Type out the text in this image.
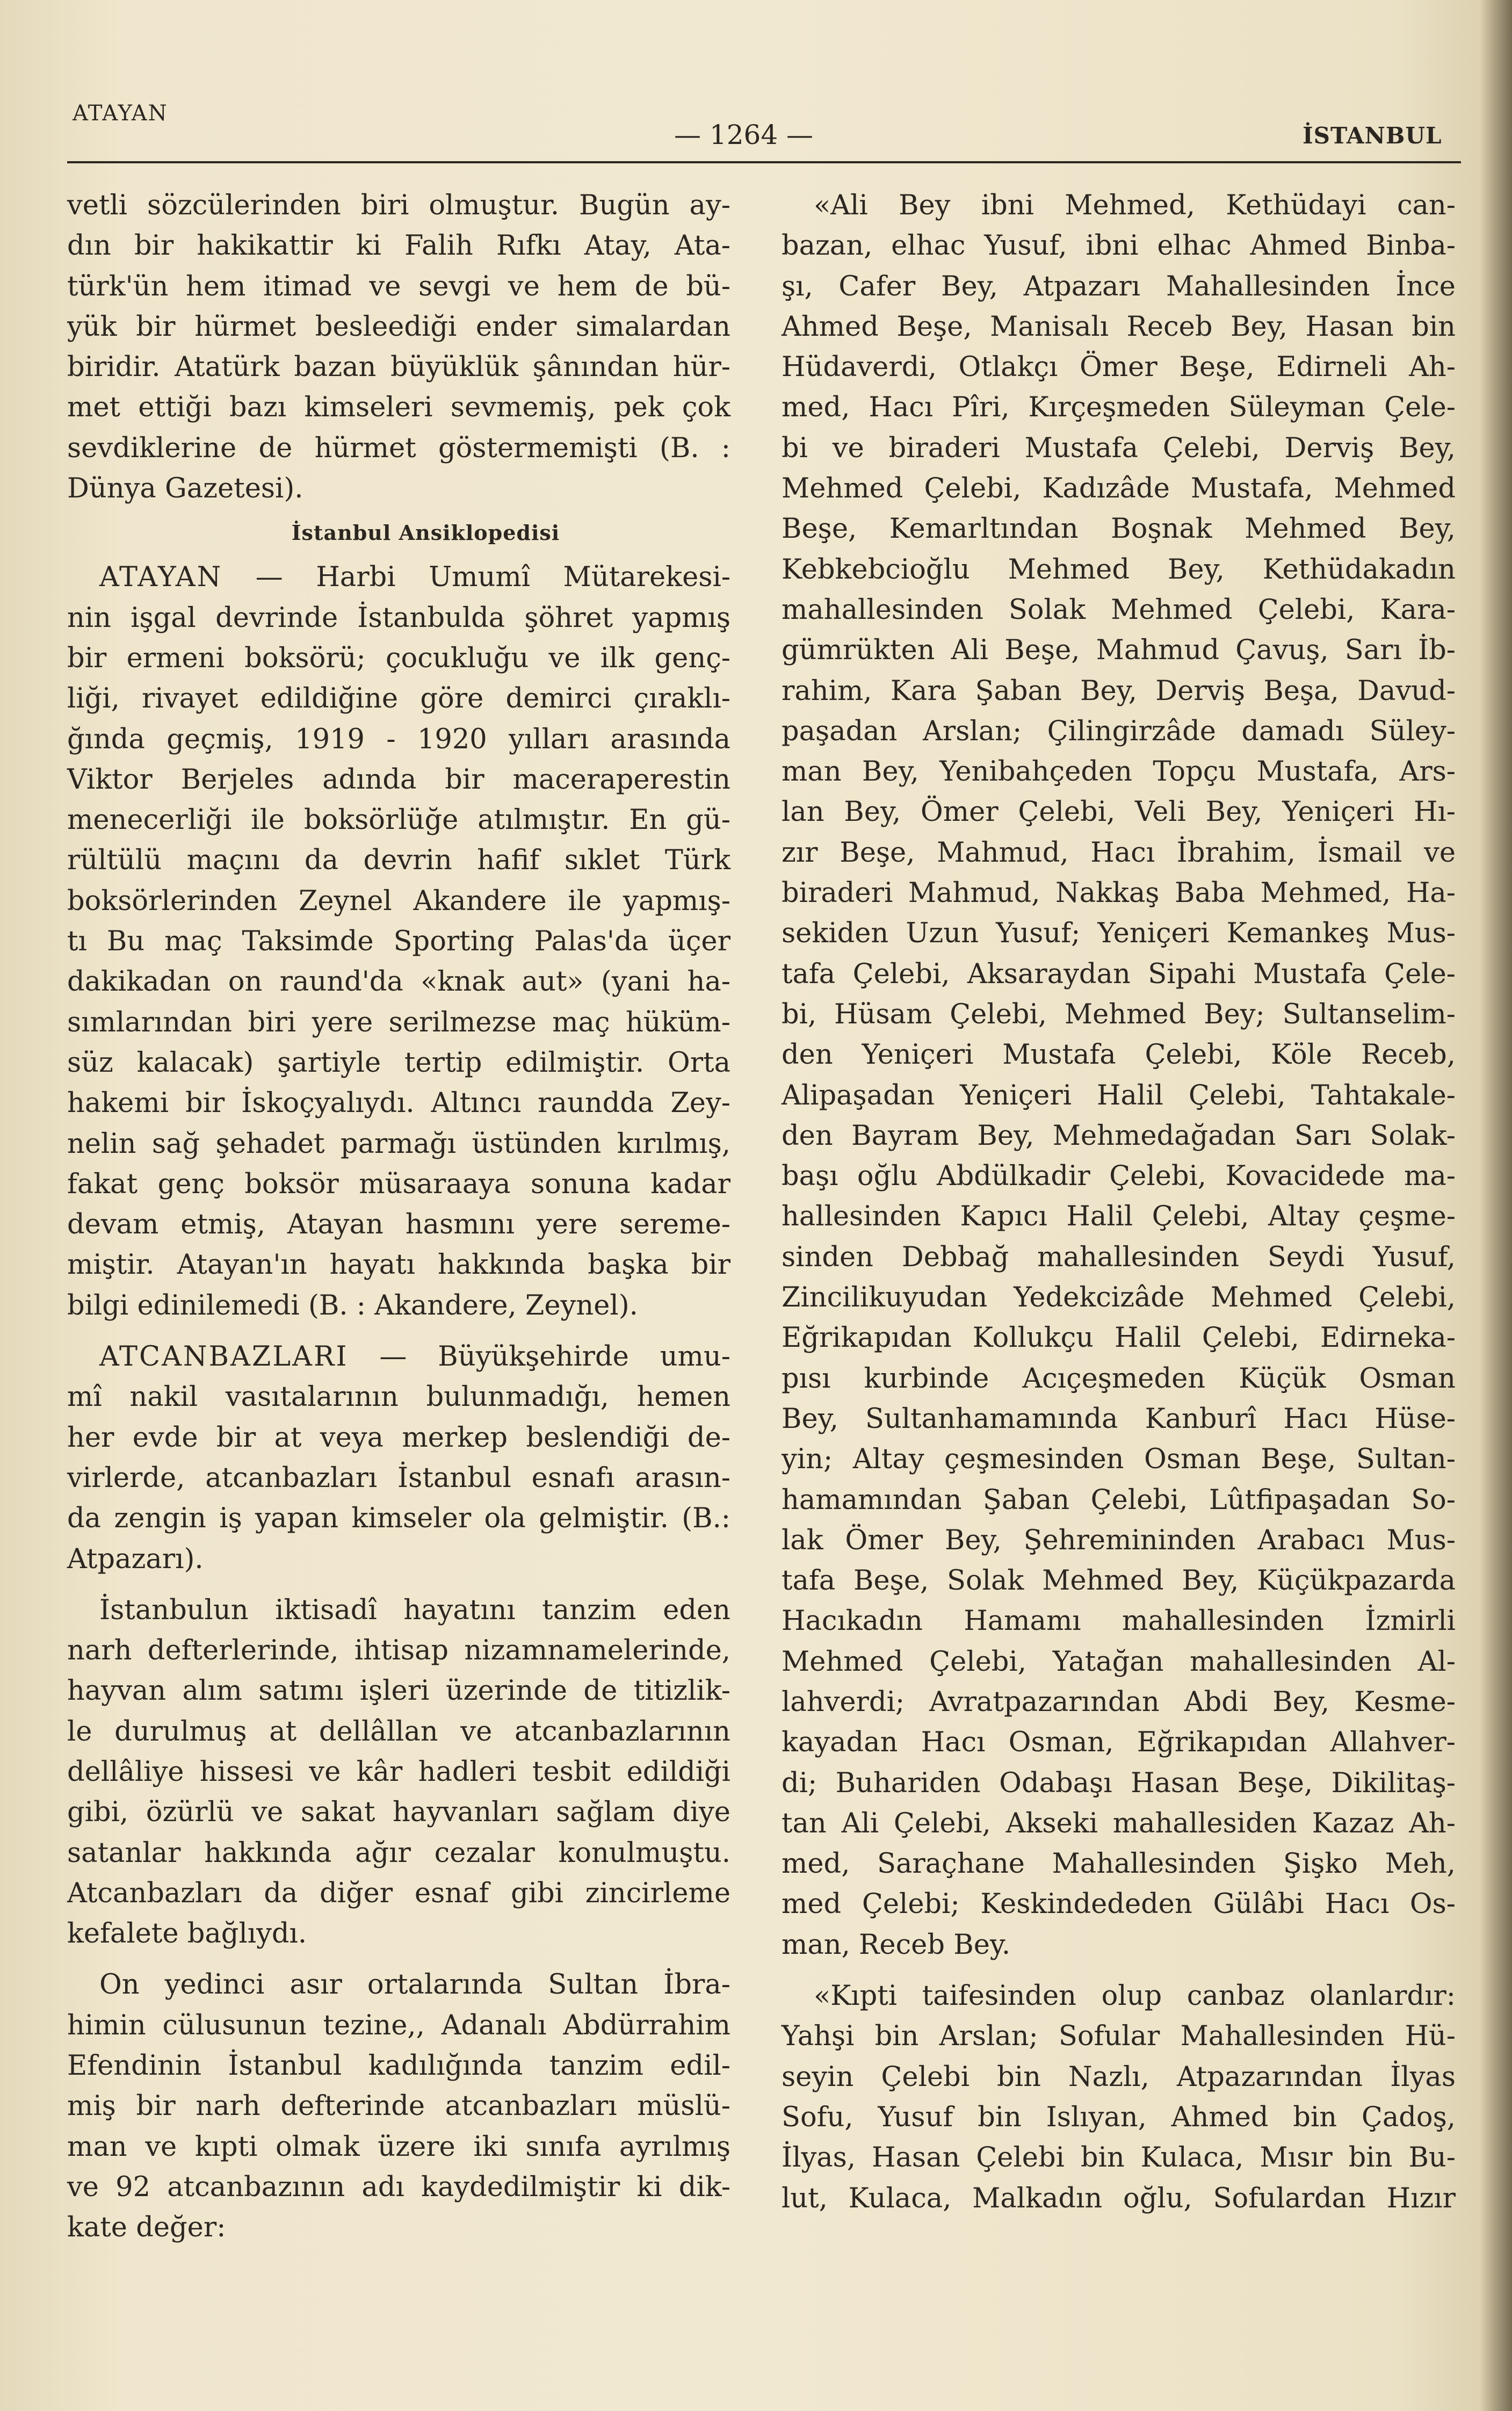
ATAYAN
— 1264 —	İSTANBUL
vetli sözcülerinden biri olmuştur. Bugün ay-
dın bir hakikattir ki Falih Rıfkı Atay, Ata-
türk'ün hem itimad ve sevgi ve hem de bü-
yük bir hürmet besleediği ender simalardan
biridir. Atatürk bazan büyüklük şânından hür-
met ettiği bazı kimseleri sevmemiş, pek çok
sevdiklerine de hürmet göstermemişti (B. :
Dünya Gazetesi).
İstanbul Ansiklopedisi
ATAYAN — Harbi Umumî Mütarekesi-
nin işgal devrinde İstanbulda şöhret yapmış
bir ermeni boksörü; çocukluğu ve ilk genç-
liği, rivayet edildiğine göre demirci çıraklı-
ğında geçmiş, 1919 - 1920 yılları arasında
Viktor Berjeles adında bir maceraperestin
menecerliği ile boksörlüğe atılmıştır. En gü-
rültülü maçını da devrin hafif sıklet Türk
boksörlerinden Zeynel Akandere ile yapmış-
tı Bu maç Taksimde Sporting Palas'da üçer
dakikadan on raund'da «knak aut» (yani ha-
sımlarından biri yere serilmezse maç hüküm-
süz kalacak) şartiyle tertip edilmiştir. Orta
hakemi bir İskoçyalıydı. Altıncı raundda Zey-
nelin sağ şehadet parmağı üstünden kırılmış,
fakat genç boksör müsaraaya sonuna kadar
devam etmiş, Atayan hasmını yere sereme-
miştir. Atayan'ın hayatı hakkında başka bir
bilgi edinilemedi (B. : Akandere, Zeynel).
ATCANBAZLARI — Büyükşehirde umu-
mî nakil vasıtalarının bulunmadığı, hemen
her evde bir at veya merkep beslendiği de-
virlerde, atcanbazları İstanbul esnafı arasın-
da zengin iş yapan kimseler ola gelmiştir. (B.:
Atpazarı).
İstanbulun iktisadî hayatını tanzim eden
narh defterlerinde, ihtisap nizamnamelerinde,
hayvan alım satımı işleri üzerinde de titizlik-
le durulmuş at dellâllan ve atcanbazlarının
dellâliye hissesi ve kâr hadleri tesbit edildiği
gibi, özürlü ve sakat hayvanları sağlam diye
satanlar hakkında ağır cezalar konulmuştu.
Atcanbazları da diğer esnaf gibi zincirleme
kefalete bağlıydı.
On yedinci asır ortalarında Sultan İbra-
himin cülusunun tezine,, Adanalı Abdürrahim
Efendinin İstanbul kadılığında tanzim edil-
miş bir narh defterinde atcanbazları müslü-
man ve kıpti olmak üzere iki sınıfa ayrılmış
ve 92 atcanbazının adı kaydedilmiştir ki dik-
kate değer:
«Ali Bey ibni Mehmed, Kethüdayi can-
bazan, elhac Yusuf, ibni elhac Ahmed Binba-
şı, Cafer Bey, Atpazarı Mahallesinden İnce
Ahmed Beşe, Manisalı Receb Bey, Hasan bin
Hüdaverdi, Otlakçı Ömer Beşe, Edirneli Ah-
med, Hacı Pîri, Kırçeşmeden Süleyman Çele-
bi ve biraderi Mustafa Çelebi, Derviş Bey,
Mehmed Çelebi, Kadızâde Mustafa, Mehmed
Beşe, Kemarltından Boşnak Mehmed Bey,
Kebkebcioğlu Mehmed Bey, Kethüdakadın
mahallesinden Solak Mehmed Çelebi, Kara-
gümrükten Ali Beşe, Mahmud Çavuş, Sarı İb-
rahim, Kara Şaban Bey, Derviş Beşa, Davud-
paşadan Arslan; Çilingirzâde damadı Süley-
man Bey, Yenibahçeden Topçu Mustafa, Ars-
lan Bey, Ömer Çelebi, Veli Bey, Yeniçeri Hı-
zır Beşe, Mahmud, Hacı İbrahim, İsmail ve
biraderi Mahmud, Nakkaş Baba Mehmed, Ha-
sekiden Uzun Yusuf; Yeniçeri Kemankeş Mus-
tafa Çelebi, Aksaraydan Sipahi Mustafa Çele-
bi, Hüsam Çelebi, Mehmed Bey; Sultanselim-
den Yeniçeri Mustafa Çelebi, Köle Receb,
Alipaşadan Yeniçeri Halil Çelebi, Tahtakale-
den Bayram Bey, Mehmedağadan Sarı Solak-
başı oğlu Abdülkadir Çelebi, Kovacidede ma-
hallesinden Kapıcı Halil Çelebi, Altay çeşme-
sinden Debbağ mahallesinden Seydi Yusuf,
Zincilikuyudan Yedekcizâde Mehmed Çelebi,
Eğrikapıdan Kollukçu Halil Çelebi, Edirneka-
pısı kurbinde Acıçeşmeden Küçük Osman
Bey, Sultanhamamında Kanburî Hacı Hüse-
yin; Altay çeşmesinden Osman Beşe, Sultan-
hamamından Şaban Çelebi, Lûtfipaşadan So-
lak Ömer Bey, Şehremininden Arabacı Mus-
tafa Beşe, Solak Mehmed Bey, Küçükpazarda
Hacıkadın Hamamı mahallesinden İzmirli
Mehmed Çelebi, Yatağan mahallesinden Al-
lahverdi; Avratpazarından Abdi Bey, Kesme-
kayadan Hacı Osman, Eğrikapıdan Allahver-
di; Buhariden Odabaşı Hasan Beşe, Dikilitaş-
tan Ali Çelebi, Akseki mahallesiden Kazaz Ah-
med, Saraçhane Mahallesinden Şişko Meh,
med Çelebi; Keskindededen Gülâbi Hacı Os-
man, Receb Bey.
«Kıpti taifesinden olup canbaz olanlardır:
Yahşi bin Arslan; Sofular Mahallesinden Hü-
seyin Çelebi bin Nazlı, Atpazarından İlyas
Sofu, Yusuf bin Islıyan, Ahmed bin Çadoş,
İlyas, Hasan Çelebi bin Kulaca, Mısır bin Bu-
lut, Kulaca, Malkadın oğlu, Sofulardan Hızır
